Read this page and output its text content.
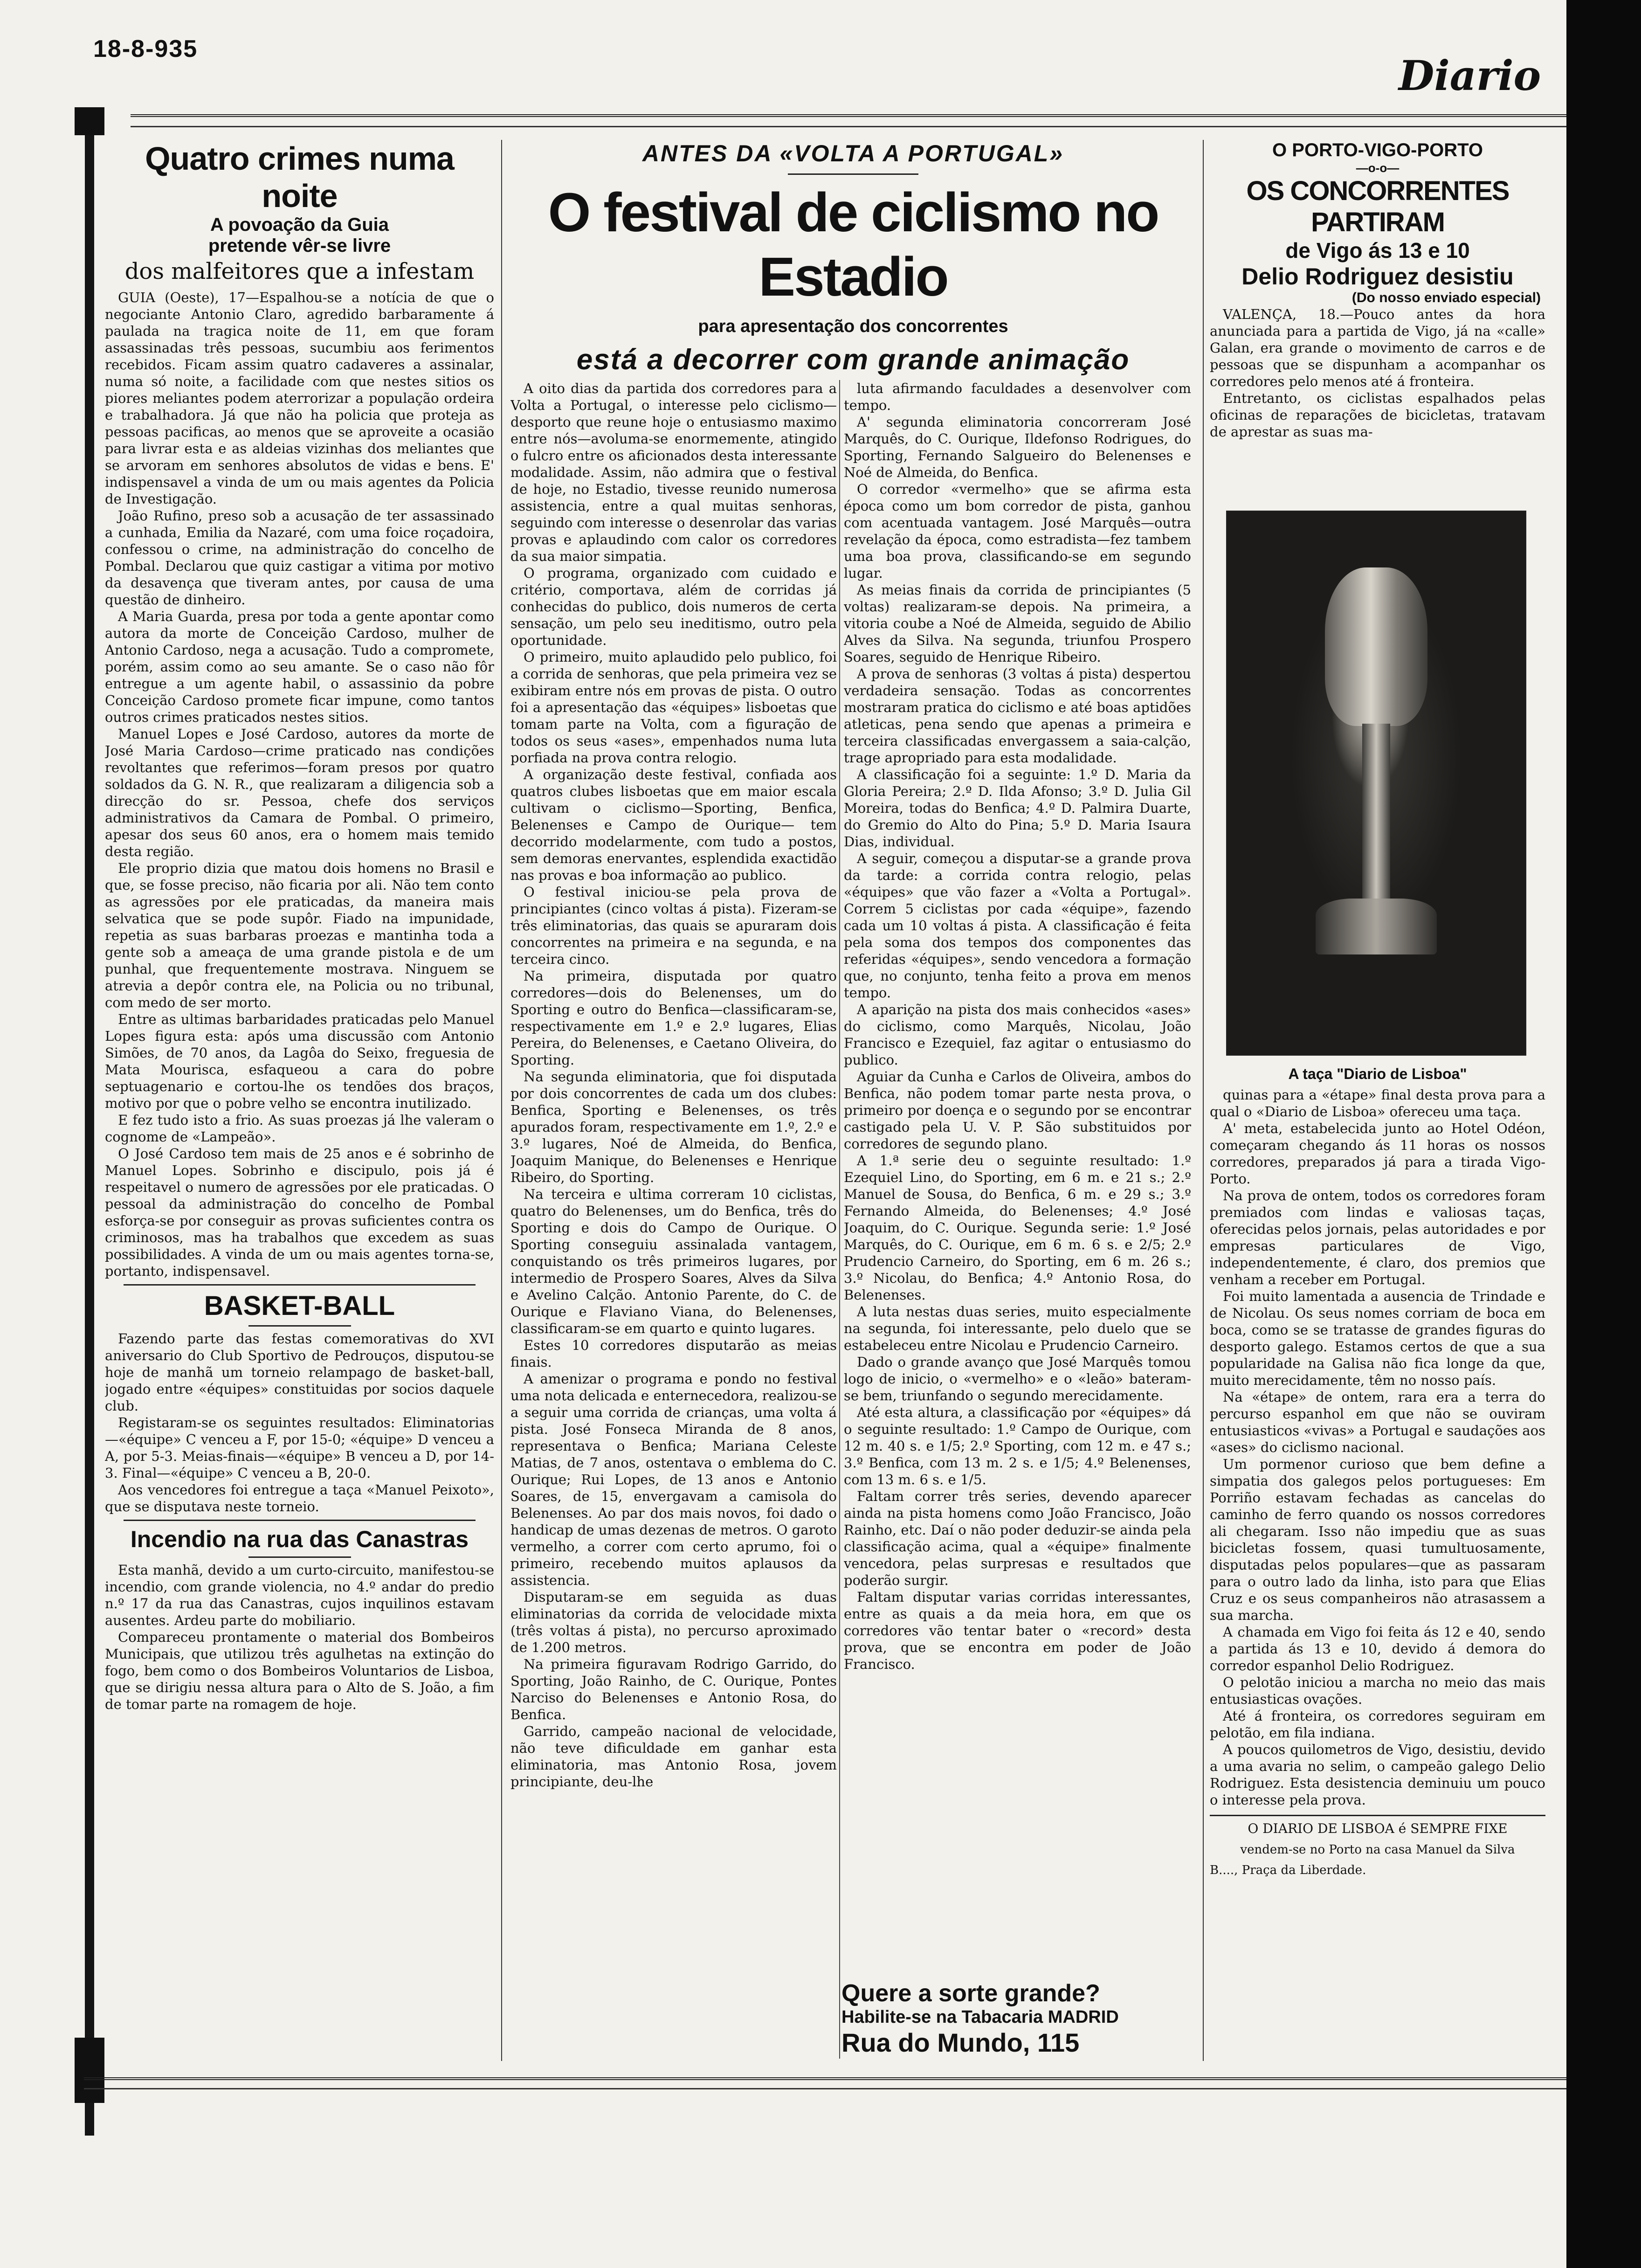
18-8-935
Diario
Quatro crimes numa noite
A povoação da Guia
pretende vêr-se livre
dos malfeitores que a infestam

GUIA (Oeste), 17—Espalhou-se a notícia de que o negociante Antonio Claro, agredido barbaramente á paulada na tragica noite de 11, em que foram assassinadas três pessoas, sucumbiu aos ferimentos recebidos. Ficam assim quatro cadaveres a assinalar, numa só noite, a facilidade com que nestes sitios os piores meliantes podem aterrorizar a população ordeira e trabalhadora. Já que não ha policia que proteja as pessoas pacificas, ao menos que se aproveite a ocasião para livrar esta e as aldeias vizinhas dos meliantes que se arvoram em senhores absolutos de vidas e bens. E' indispensavel a vinda de um ou mais agentes da Policia de Investigação.

João Rufino, preso sob a acusação de ter assassinado a cunhada, Emilia da Nazaré, com uma foice roçadoira, confessou o crime, na administração do concelho de Pombal. Declarou que quiz castigar a vitima por motivo da desavença que tiveram antes, por causa de uma questão de dinheiro.

A Maria Guarda, presa por toda a gente apontar como autora da morte de Conceição Cardoso, mulher de Antonio Cardoso, nega a acusação. Tudo a compromete, porém, assim como ao seu amante. Se o caso não fôr entregue a um agente habil, o assassinio da pobre Conceição Cardoso promete ficar impune, como tantos outros crimes praticados nestes sitios.

Manuel Lopes e José Cardoso, autores da morte de José Maria Cardoso—crime praticado nas condições revoltantes que referimos—foram presos por quatro soldados da G. N. R., que realizaram a diligencia sob a direcção do sr. Pessoa, chefe dos serviços administrativos da Camara de Pombal. O primeiro, apesar dos seus 60 anos, era o homem mais temido desta região.

Ele proprio dizia que matou dois homens no Brasil e que, se fosse preciso, não ficaria por ali. Não tem conto as agressões por ele praticadas, da maneira mais selvatica que se pode supôr. Fiado na impunidade, repetia as suas barbaras proezas e mantinha toda a gente sob a ameaça de uma grande pistola e de um punhal, que frequentemente mostrava. Ninguem se atrevia a depôr contra ele, na Policia ou no tribunal, com medo de ser morto.

Entre as ultimas barbaridades praticadas pelo Manuel Lopes figura esta: após uma discussão com Antonio Simões, de 70 anos, da Lagôa do Seixo, freguesia de Mata Mourisca, esfaqueou a cara do pobre septuagenario e cortou-lhe os tendões dos braços, motivo por que o pobre velho se encontra inutilizado.

E fez tudo isto a frio. As suas proezas já lhe valeram o cognome de «Lampeão».

O José Cardoso tem mais de 25 anos e é sobrinho de Manuel Lopes. Sobrinho e discipulo, pois já é respeitavel o numero de agressões por ele praticadas. O pessoal da administração do concelho de Pombal esforça-se por conseguir as provas suficientes contra os criminosos, mas ha trabalhos que excedem as suas possibilidades. A vinda de um ou mais agentes torna-se, portanto, indispensavel.

BASKET-BALL

Fazendo parte das festas comemorativas do XVI aniversario do Club Sportivo de Pedrouços, disputou-se hoje de manhã um torneio relampago de basket-ball, jogado entre «équipes» constituidas por socios daquele club.

Registaram-se os seguintes resultados: Eliminatorias—«équipe» C venceu a F, por 15-0; «équipe» D venceu a A, por 5-3. Meias-finais—«équipe» B venceu a D, por 14-3. Final—«équipe» C venceu a B, 20-0.

Aos vencedores foi entregue a taça «Manuel Peixoto», que se disputava neste torneio.

Incendio na rua das Canastras

Esta manhã, devido a um curto-circuito, manifestou-se incendio, com grande violencia, no 4.º andar do predio n.º 17 da rua das Canastras, cujos inquilinos estavam ausentes. Ardeu parte do mobiliario.

Compareceu prontamente o material dos Bombeiros Municipais, que utilizou três agulhetas na extinção do fogo, bem como o dos Bombeiros Voluntarios de Lisboa, que se dirigiu nessa altura para o Alto de S. João, a fim de tomar parte na romagem de hoje.

ANTES DA «VOLTA A PORTUGAL»
O festival de ciclismo no Estadio
para apresentação dos concorrentes
está a decorrer com grande animação

A oito dias da partida dos corredores para a Volta a Portugal, o interesse pelo ciclismo—desporto que reune hoje o entusiasmo maximo entre nós—avoluma-se enormemente, atingido o fulcro entre os aficionados desta interessante modalidade. Assim, não admira que o festival de hoje, no Estadio, tivesse reunido numerosa assistencia, entre a qual muitas senhoras, seguindo com interesse o desenrolar das varias provas e aplaudindo com calor os corredores da sua maior simpatia.

O programa, organizado com cuidado e critério, comportava, além de corridas já conhecidas do publico, dois numeros de certa sensação, um pelo seu ineditismo, outro pela oportunidade.

O primeiro, muito aplaudido pelo publico, foi a corrida de senhoras, que pela primeira vez se exibiram entre nós em provas de pista. O outro foi a apresentação das «équipes» lisboetas que tomam parte na Volta, com a figuração de todos os seus «ases», empenhados numa luta porfiada na prova contra relogio.

A organização deste festival, confiada aos quatros clubes lisboetas que em maior escala cultivam o ciclismo—Sporting, Benfica, Belenenses e Campo de Ourique— tem decorrido modelarmente, com tudo a postos, sem demoras enervantes, esplendida exactidão nas provas e boa informação ao publico.

O festival iniciou-se pela prova de principiantes (cinco voltas á pista). Fizeram-se três eliminatorias, das quais se apuraram dois concorrentes na primeira e na segunda, e na terceira cinco.

Na primeira, disputada por quatro corredores—dois do Belenenses, um do Sporting e outro do Benfica—classificaram-se, respectivamente em 1.º e 2.º lugares, Elias Pereira, do Belenenses, e Caetano Oliveira, do Sporting.

Na segunda eliminatoria, que foi disputada por dois concorrentes de cada um dos clubes: Benfica, Sporting e Belenenses, os três apurados foram, respectivamente em 1.º, 2.º e 3.º lugares, Noé de Almeida, do Benfica, Joaquim Manique, do Belenenses e Henrique Ribeiro, do Sporting.

Na terceira e ultima correram 10 ciclistas, quatro do Belenenses, um do Benfica, três do Sporting e dois do Campo de Ourique. O Sporting conseguiu assinalada vantagem, conquistando os três primeiros lugares, por intermedio de Prospero Soares, Alves da Silva e Avelino Calção. Antonio Parente, do C. de Ourique e Flaviano Viana, do Belenenses, classificaram-se em quarto e quinto lugares.

Estes 10 corredores disputarão as meias finais.

A amenizar o programa e pondo no festival uma nota delicada e enternecedora, realizou-se a seguir uma corrida de crianças, uma volta á pista. José Fonseca Miranda de 8 anos, representava o Benfica; Mariana Celeste Matias, de 7 anos, ostentava o emblema do C. Ourique; Rui Lopes, de 13 anos e Antonio Soares, de 15, envergavam a camisola do Belenenses. Ao par dos mais novos, foi dado o handicap de umas dezenas de metros. O garoto vermelho, a correr com certo aprumo, foi o primeiro, recebendo muitos aplausos da assistencia.

Disputaram-se em seguida as duas eliminatorias da corrida de velocidade mixta (três voltas á pista), no percurso aproximado de 1.200 metros.

Na primeira figuravam Rodrigo Garrido, do Sporting, João Rainho, de C. Ourique, Pontes Narciso do Belenenses e Antonio Rosa, do Benfica.

Garrido, campeão nacional de velocidade, não teve dificuldade em ganhar esta eliminatoria, mas Antonio Rosa, jovem principiante, deu-lhe

luta afirmando faculdades a desenvolver com tempo.

A' segunda eliminatoria concorreram José Marquês, do C. Ourique, Ildefonso Rodrigues, do Sporting, Fernando Salgueiro do Belenenses e Noé de Almeida, do Benfica.

O corredor «vermelho» que se afirma esta época como um bom corredor de pista, ganhou com acentuada vantagem. José Marquês—outra revelação da época, como estradista—fez tambem uma boa prova, classificando-se em segundo lugar.

As meias finais da corrida de principiantes (5 voltas) realizaram-se depois. Na primeira, a vitoria coube a Noé de Almeida, seguido de Abilio Alves da Silva. Na segunda, triunfou Prospero Soares, seguido de Henrique Ribeiro.

A prova de senhoras (3 voltas á pista) despertou verdadeira sensação. Todas as concorrentes mostraram pratica do ciclismo e até boas aptidões atleticas, pena sendo que apenas a primeira e terceira classificadas envergassem a saia-calção, trage apropriado para esta modalidade.

A classificação foi a seguinte: 1.º D. Maria da Gloria Pereira; 2.º D. Ilda Afonso; 3.º D. Julia Gil Moreira, todas do Benfica; 4.º D. Palmira Duarte, do Gremio do Alto do Pina; 5.º D. Maria Isaura Dias, individual.

A seguir, começou a disputar-se a grande prova da tarde: a corrida contra relogio, pelas «équipes» que vão fazer a «Volta a Portugal». Correm 5 ciclistas por cada «équipe», fazendo cada um 10 voltas á pista. A classificação é feita pela soma dos tempos dos componentes das referidas «équipes», sendo vencedora a formação que, no conjunto, tenha feito a prova em menos tempo.

A aparição na pista dos mais conhecidos «ases» do ciclismo, como Marquês, Nicolau, João Francisco e Ezequiel, faz agitar o entusiasmo do publico.

Aguiar da Cunha e Carlos de Oliveira, ambos do Benfica, não podem tomar parte nesta prova, o primeiro por doença e o segundo por se encontrar castigado pela U. V. P. São substituidos por corredores de segundo plano.

A 1.ª serie deu o seguinte resultado: 1.º Ezequiel Lino, do Sporting, em 6 m. e 21 s.; 2.º Manuel de Sousa, do Benfica, 6 m. e 29 s.; 3.º Fernando Almeida, do Belenenses; 4.º José Joaquim, do C. Ourique. Segunda serie: 1.º José Marquês, do C. Ourique, em 6 m. 6 s. e 2/5; 2.º Prudencio Carneiro, do Sporting, em 6 m. 26 s.; 3.º Nicolau, do Benfica; 4.º Antonio Rosa, do Belenenses.

A luta nestas duas series, muito especialmente na segunda, foi interessante, pelo duelo que se estabeleceu entre Nicolau e Prudencio Carneiro.

Dado o grande avanço que José Marquês tomou logo de inicio, o «vermelho» e o «leão» bateram-se bem, triunfando o segundo merecidamente.

Até esta altura, a classificação por «équipes» dá o seguinte resultado: 1.º Campo de Ourique, com 12 m. 40 s. e 1/5; 2.º Sporting, com 12 m. e 47 s.; 3.º Benfica, com 13 m. 2 s. e 1/5; 4.º Belenenses, com 13 m. 6 s. e 1/5.

Faltam correr três series, devendo aparecer ainda na pista homens como João Francisco, João Rainho, etc. Daí o não poder deduzir-se ainda pela classificação acima, qual a «équipe» finalmente vencedora, pelas surpresas e resultados que poderão surgir.

Faltam disputar varias corridas interessantes, entre as quais a da meia hora, em que os corredores vão tentar bater o «record» desta prova, que se encontra em poder de João Francisco.

Quere a sorte grande?
Habilite-se na Tabacaria MADRID
Rua do Mundo, 115
O PORTO-VIGO-PORTO
—o-o—
OS CONCORRENTES PARTIRAM
de Vigo ás 13 e 10
Delio Rodriguez desistiu
(Do nosso enviado especial)

VALENÇA, 18.—Pouco antes da hora anunciada para a partida de Vigo, já na «calle» Galan, era grande o movimento de carros e de pessoas que se dispunham a acompanhar os corredores pelo menos até á fronteira.

Entretanto, os ciclistas espalhados pelas oficinas de reparações de bicicletas, tratavam de aprestar as suas ma-

A taça "Diario de Lisboa"

quinas para a «étape» final desta prova para a qual o «Diario de Lisboa» ofereceu uma taça.

A' meta, estabelecida junto ao Hotel Odéon, começaram chegando ás 11 horas os nossos corredores, preparados já para a tirada Vigo-Porto.

Na prova de ontem, todos os corredores foram premiados com lindas e valiosas taças, oferecidas pelos jornais, pelas autoridades e por empresas particulares de Vigo, independentemente, é claro, dos premios que venham a receber em Portugal.

Foi muito lamentada a ausencia de Trindade e de Nicolau. Os seus nomes corriam de boca em boca, como se se tratasse de grandes figuras do desporto galego. Estamos certos de que a sua popularidade na Galisa não fica longe da que, muito merecidamente, têm no nosso país.

Na «étape» de ontem, rara era a terra do percurso espanhol em que não se ouviram entusiasticos «vivas» a Portugal e saudações aos «ases» do ciclismo nacional.

Um pormenor curioso que bem define a simpatia dos galegos pelos portugueses: Em Porriño estavam fechadas as cancelas do caminho de ferro quando os nossos corredores ali chegaram. Isso não impediu que as suas bicicletas fossem, quasi tumultuosamente, disputadas pelos populares—que as passaram para o outro lado da linha, isto para que Elias Cruz e os seus companheiros não atrasassem a sua marcha.

A chamada em Vigo foi feita ás 12 e 40, sendo a partida ás 13 e 10, devido á demora do corredor espanhol Delio Rodriguez.

O pelotão iniciou a marcha no meio das mais entusiasticas ovações.

Até á fronteira, os corredores seguiram em pelotão, em fila indiana.

A poucos quilometros de Vigo, desistiu, devido a uma avaria no selim, o campeão galego Delio Rodriguez. Esta desistencia deminuiu um pouco o interesse pela prova.

O DIARIO DE LISBOA é SEMPRE FIXE
vendem-se no Porto na casa Manuel da Silva
B...., Praça da Liberdade.
